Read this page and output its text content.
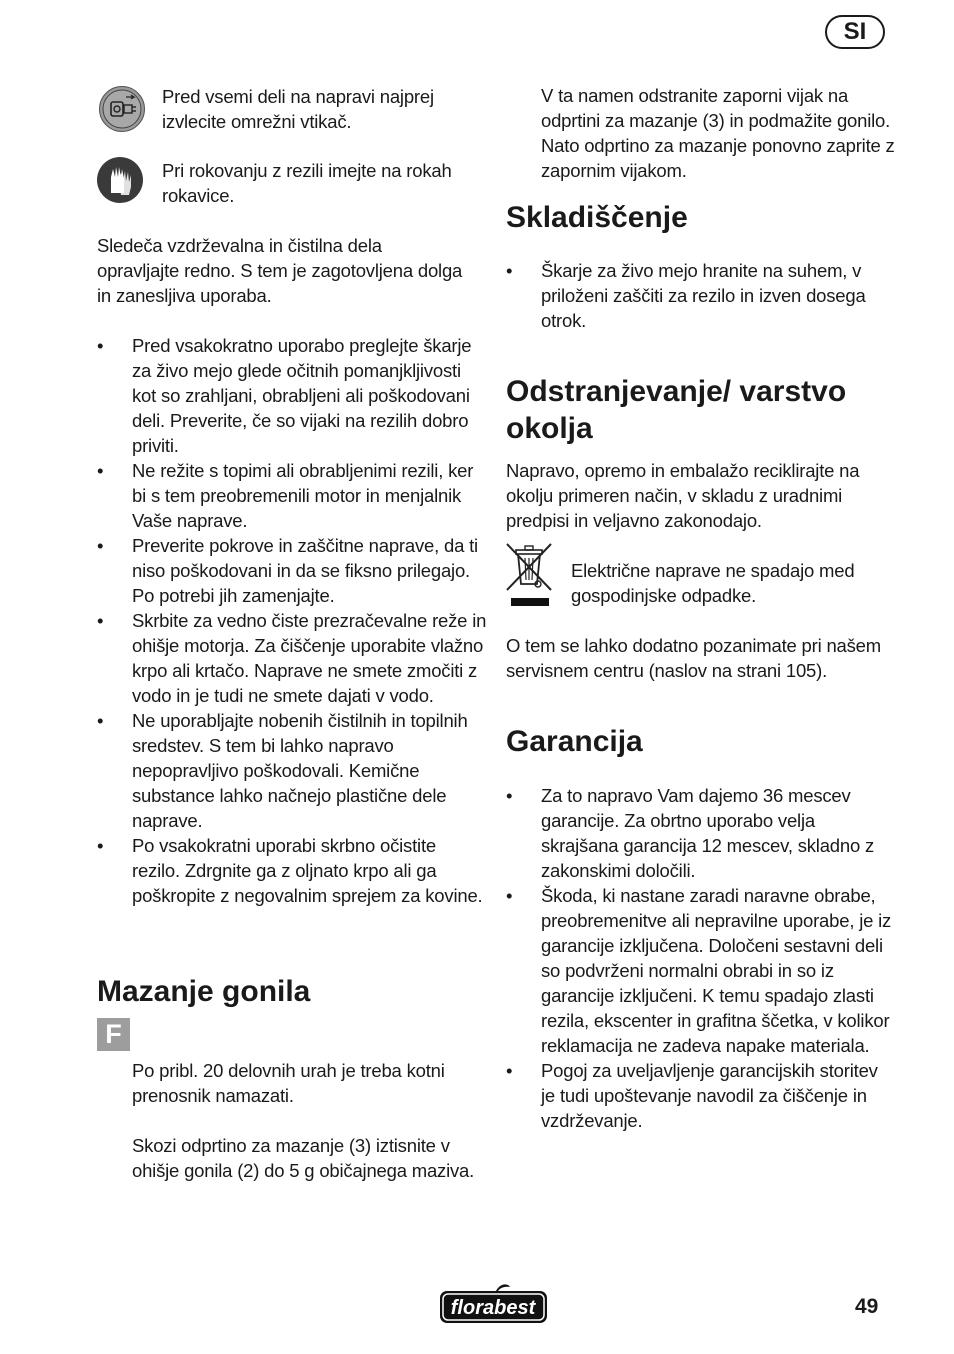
SI
Pred vsemi deli na napravi najprej izvlecite omrežni vtikač.
Pri rokovanju z rezili imejte na rokah rokavice.
Sledeča vzdrževalna in čistilna dela opravljajte redno. S tem je zagotovljena dolga in zanesljiva uporaba.
• Pred vsakokratno uporabo preglejte škarje za živo mejo glede očitnih pomanjkljivosti kot so zrahljani, obrabljeni ali poškodovani deli. Preverite, če so vijaki na rezilih dobro priviti.
• Ne režite s topimi ali obrabljenimi rezili, ker bi s tem preobremenili motor in menjalnik Vaše naprave.
• Preverite pokrove in zaščitne naprave, da ti niso poškodovani in da se fiksno prilegajo. Po potrebi jih zamenjajte.
• Skrbite za vedno čiste prezračevalne reže in ohišje motorja. Za čiščenje uporabite vlažno krpo ali krtačo. Naprave ne smete zmočiti z vodo in je tudi ne smete dajati v vodo.
• Ne uporabljajte nobenih čistilnih in topilnih sredstev. S tem bi lahko napravo nepopravljivo poškodovali. Kemične substance lahko načnejo plastične dele naprave.
• Po vsakokratni uporabi skrbno očistite rezilo. Zdrgnite ga z oljnato krpo ali ga poškropite z negovalnim sprejem za kovine.
Mazanje gonila
F
Po pribl. 20 delovnih urah je treba kotni prenosnik namazati.
Skozi odprtino za mazanje (3) iztisnite v ohišje gonila (2) do 5 g običajnega maziva.
V ta namen odstranite zaporni vijak na odprtini za mazanje (3) in podmažite gonilo. Nato odprtino za mazanje ponovno zaprite z zapornim vijakom.
Skladiščenje
• Škarje za živo mejo hranite na suhem, v priloženi zaščiti za rezilo in izven dosega otrok.
Odstranjevanje/ varstvo
okolja
Napravo, opremo in embalažo reciklirajte na okolju primeren način, v skladu z uradnimi predpisi in veljavno zakonodajo.
Električne naprave ne spadajo med gospodinjske odpadke.
O tem se lahko dodatno pozanimate pri našem servisnem centru (naslov na strani 105).
Garancija
• Za to napravo Vam dajemo 36 mescev garancije. Za obrtno uporabo velja skrajšana garancija 12 mescev, skladno z zakonskimi določili.
• Škoda, ki nastane zaradi naravne obrabe, preobremenitve ali nepravilne uporabe, je iz garancije izključena. Določeni sestavni deli so podvrženi normalni obrabi in so iz garancije izključeni. K temu spadajo zlasti rezila, ekscenter in grafitna ščetka, v kolikor reklamacija ne zadeva napake materiala.
• Pogoj za uveljavljenje garancijskih storitev je tudi upoštevanje navodil za čiščenje in vzdrževanje.
florabest	49
